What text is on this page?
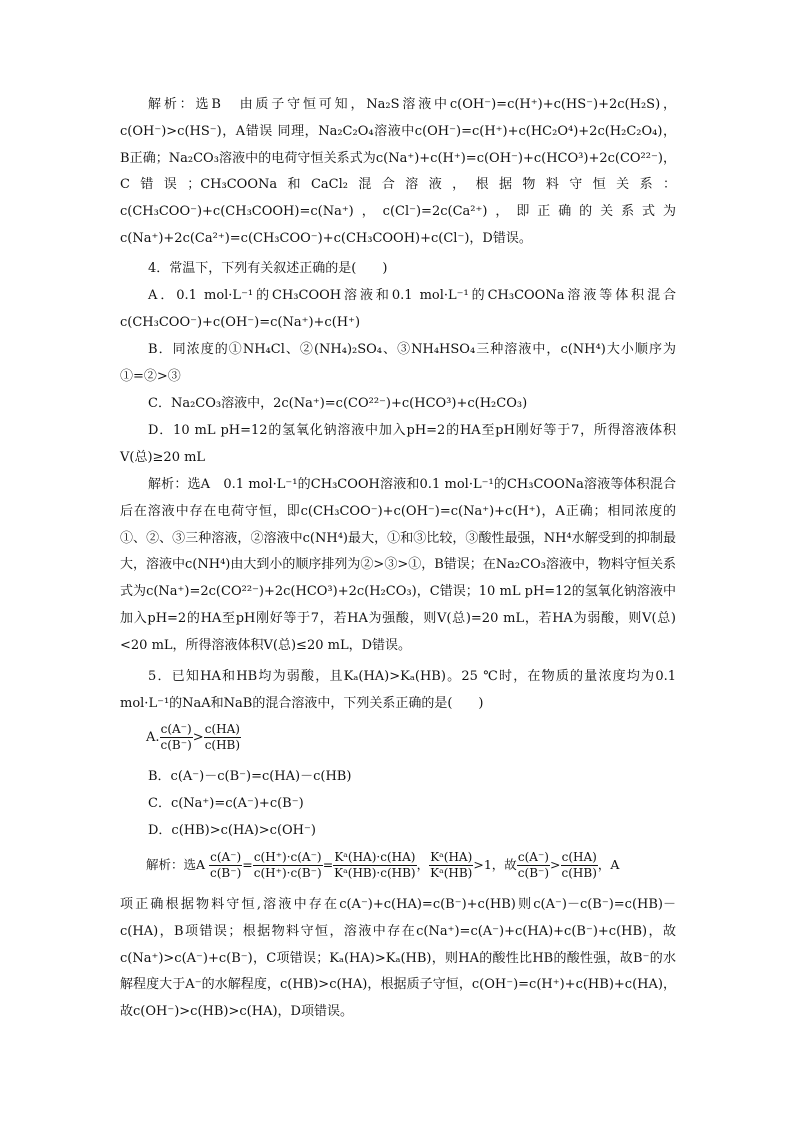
解析：选B　由质子守恒可知，Na₂S溶液中c(OH⁻)=c(H⁺)+c(HS⁻)+2c(H₂S)，c(OH⁻)>c(HS⁻)，A错误 同理，Na₂C₂O₄溶液中c(OH⁻)=c(H⁺)+c(HC₂O⁴)+2c(H₂C₂O₄)，B正确；Na₂CO₃溶液中的电荷守恒关系式为c(Na⁺)+c(H⁺)=c(OH⁻)+c(HCO³)+2c(CO²²⁻)，C错误；CH₃COONa和CaCl₂混合溶液，根据物料守恒关系：c(CH₃COO⁻)+c(CH₃COOH)=c(Na⁺)，c(Cl⁻)=2c(Ca²⁺)，即正确的关系式为c(Na⁺)+2c(Ca²⁺)=c(CH₃COO⁻)+c(CH₃COOH)+c(Cl⁻)，D错误。

4．常温下，下列有关叙述正确的是(　　)

A．0.1 mol·L⁻¹的CH₃COOH溶液和0.1 mol·L⁻¹的CH₃COONa溶液等体积混合c(CH₃COO⁻)+c(OH⁻)=c(Na⁺)+c(H⁺)

B．同浓度的①NH₄Cl、②(NH₄)₂SO₄、③NH₄HSO₄三种溶液中，c(NH⁴)大小顺序为①=②>③

C．Na₂CO₃溶液中，2c(Na⁺)=c(CO²²⁻)+c(HCO³)+c(H₂CO₃)

D．10 mL pH=12的氢氧化钠溶液中加入pH=2的HA至pH刚好等于7，所得溶液体积V(总)≥20 mL

解析：选A　0.1 mol·L⁻¹的CH₃COOH溶液和0.1 mol·L⁻¹的CH₃COONa溶液等体积混合后在溶液中存在电荷守恒，即c(CH₃COO⁻)+c(OH⁻)=c(Na⁺)+c(H⁺)，A正确；相同浓度的①、②、③三种溶液，②溶液中c(NH⁴)最大，①和③比较，③酸性最强，NH⁴水解受到的抑制最大，溶液中c(NH⁴)由大到小的顺序排列为②>③>①，B错误；在Na₂CO₃溶液中，物料守恒关系式为c(Na⁺)=2c(CO²²⁻)+2c(HCO³)+2c(H₂CO₃)，C错误；10 mL pH=12的氢氧化钠溶液中加入pH=2的HA至pH刚好等于7，若HA为强酸，则V(总)=20 mL，若HA为弱酸，则V(总)<20 mL，所得溶液体积V(总)≤20 mL，D错误。

5．已知HA和HB均为弱酸，且Kₐ(HA)>Kₐ(HB)。25 ℃时，在物质的量浓度均为0.1 mol·L⁻¹的NaA和NaB的混合溶液中，下列关系正确的是(　　)

A. $\frac{c(A^-)}{c(B^-)} > \frac{c(HA)}{c(HB)}$

B．c(A⁻)－c(B⁻)=c(HA)－c(HB)

C．c(Na⁺)=c(A⁻)+c(B⁻)

D．c(HB)>c(HA)>c(OH⁻)

解析：选A $\frac{c(A^-)}{c(B^-)} = \frac{c(H^+)\cdot c(A^-)}{c(H^+)\cdot c(B^-)} = \frac{\text{Kᵃ(HA)·c(HA)}}{\text{Kᵃ(HB)·c(HB)}}$ ， $\frac{\text{Kᵃ(HA)}}{\text{Kᵃ(HB)}} >1$，故 $\frac{c(A^-)}{c(B^-)} > \frac{c(HA)}{c(HB)}$ ，A

项正确根据物料守恒,溶液中存在c(A⁻)+c(HA)=c(B⁻)+c(HB)则c(A⁻)－c(B⁻)=c(HB)－c(HA)，B项错误；根据物料守恒，溶液中存在c(Na⁺)=c(A⁻)+c(HA)+c(B⁻)+c(HB)，故c(Na⁺)>c(A⁻)+c(B⁻)，C项错误；Kₐ(HA)>Kₐ(HB)，则HA的酸性比HB的酸性强，故B⁻的水解程度大于A⁻的水解程度，c(HB)>c(HA)，根据质子守恒，c(OH⁻)=c(H⁺)+c(HB)+c(HA)，故c(OH⁻)>c(HB)>c(HA)，D项错误。
